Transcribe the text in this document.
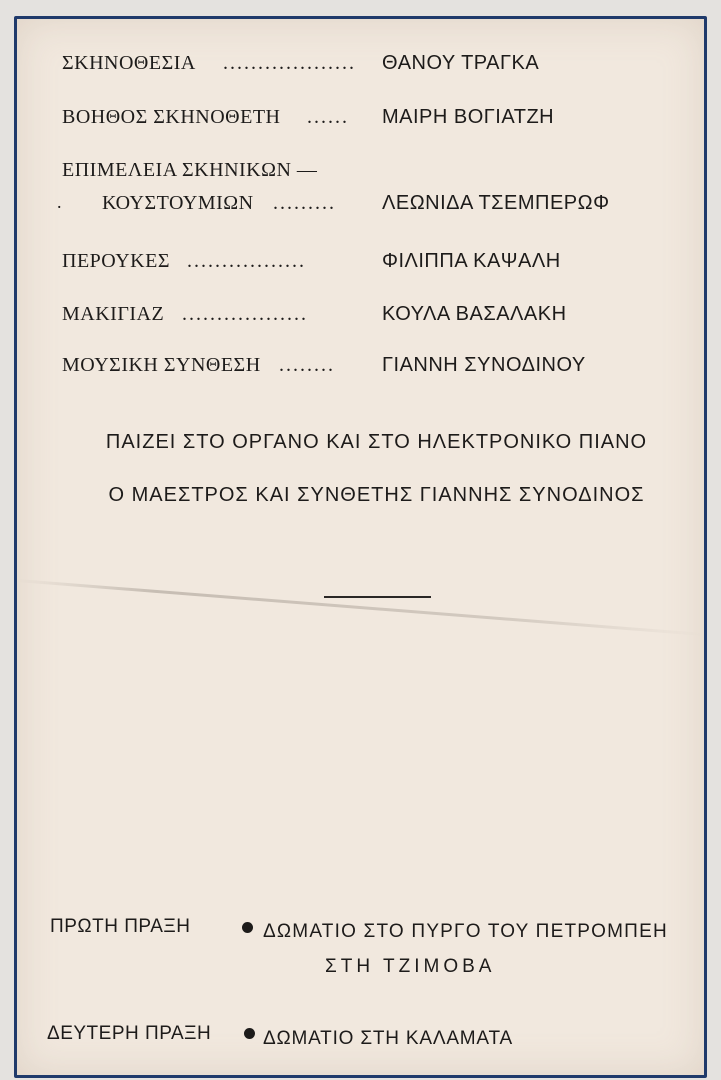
ΣΚΗΝΟΘΕΣΙΑ ................... ΘΑΝΟΥ ΤΡΑΓΚΑ
ΒΟΗΘΟΣ ΣΚΗΝΟΘΕΤΗ ...... ΜΑΙΡΗ ΒΟΓΙΑΤΖΗ
ΕΠΙΜΕΛΕΙΑ ΣΚΗΝΙΚΩΝ —
. ΚΟΥΣΤΟΥΜΙΩΝ ......... ΛΕΩΝΙΔΑ ΤΣΕΜΠΕΡΩΦ
ΠΕΡΟΥΚΕΣ .................	ΦΙΛΙΠΠΑ ΚΑΨΑΛΗ
ΜΑΚΙΓΙΑΖ ..................	ΚΟΥΛΑ ΒΑΣΑΛΑΚΗ
ΜΟΥΣΙΚΗ ΣΥΝΘΕΣΗ ........ ΓΙΑΝΝΗ ΣΥΝΟΔΙΝΟΥ
ΠΑΙΖΕΙ ΣΤΟ ΟΡΓΑΝΟ ΚΑΙ ΣΤΟ ΗΛΕΚΤΡΟΝΙΚΟ ΠΙΑΝΟ
Ο ΜΑΕΣΤΡΟΣ ΚΑΙ ΣΥΝΘΕΤΗΣ ΓΙΑΝΝΗΣ ΣΥΝΟΔΙΝΟΣ
ΠΡΩΤΗ ΠΡΑΞΗ	ΔΩΜΑΤΙΟ ΣΤΟ ΠΥΡΓΟ ΤΟΥ ΠΕΤΡΟΜΠΕΗ
ΣΤΗ ΤΖΙΜΟΒΑ
ΔΕΥΤΕΡΗ ΠΡΑΞΗ	ΔΩΜΑΤΙΟ ΣΤΗ ΚΑΛΑΜΑΤΑ
